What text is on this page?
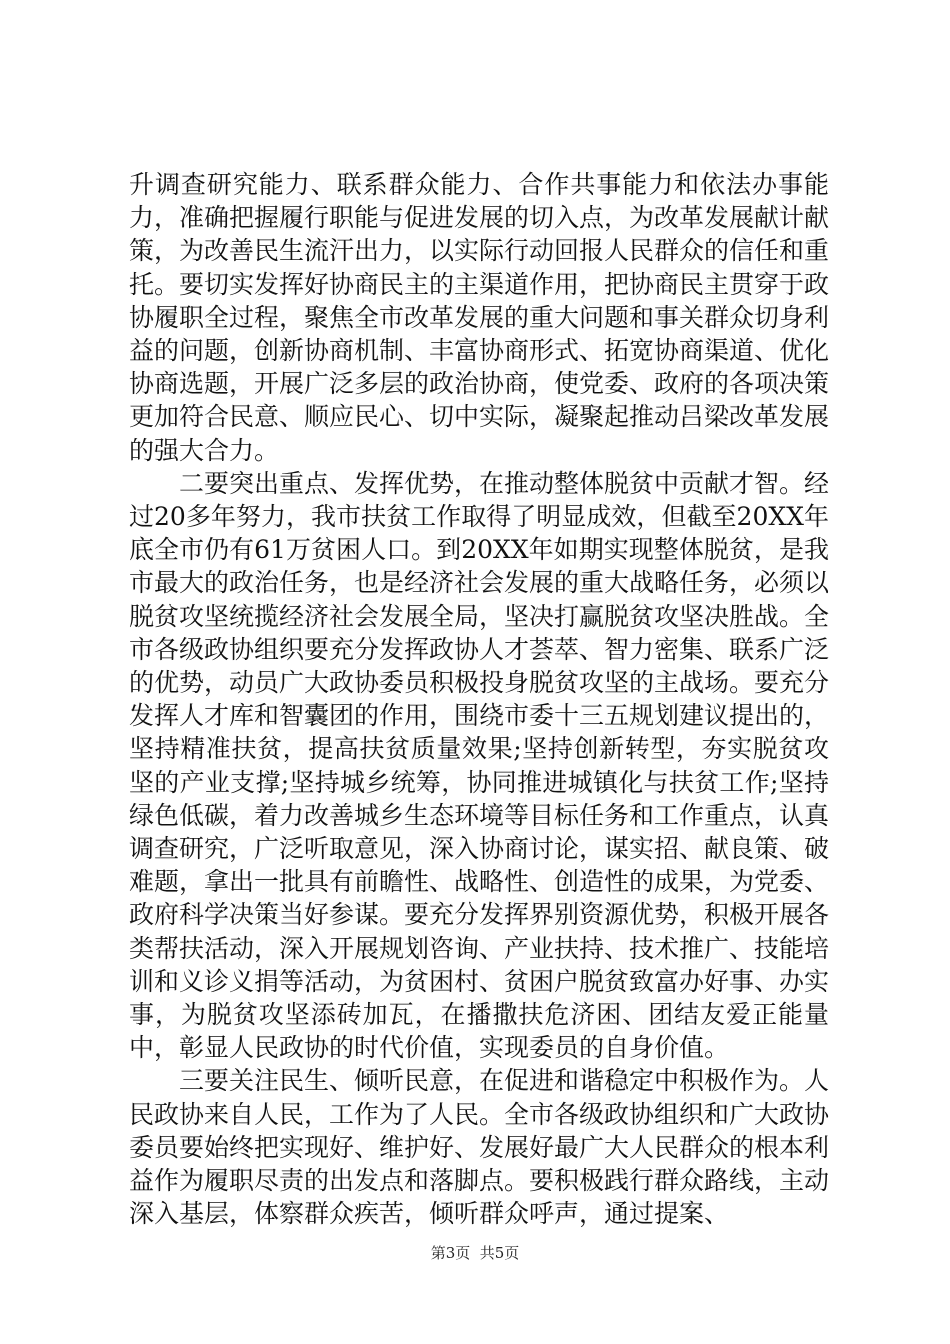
升调查研究能力、联系群众能力、合作共事能力和依法办事能力，准确把握履行职能与促进发展的切入点，为改革发展献计献策，为改善民生流汗出力，以实际行动回报人民群众的信任和重托。要切实发挥好协商民主的主渠道作用，把协商民主贯穿于政协履职全过程，聚焦全市改革发展的重大问题和事关群众切身利益的问题，创新协商机制、丰富协商形式、拓宽协商渠道、优化协商选题，开展广泛多层的政治协商，使党委、政府的各项决策更加符合民意、顺应民心、切中实际，凝聚起推动吕梁改革发展的强大合力。

二要突出重点、发挥优势，在推动整体脱贫中贡献才智。经过20多年努力，我市扶贫工作取得了明显成效，但截至20XX年底全市仍有61万贫困人口。到20XX年如期实现整体脱贫，是我市最大的政治任务，也是经济社会发展的重大战略任务，必须以脱贫攻坚统揽经济社会发展全局，坚决打赢脱贫攻坚决胜战。全市各级政协组织要充分发挥政协人才荟萃、智力密集、联系广泛的优势，动员广大政协委员积极投身脱贫攻坚的主战场。要充分发挥人才库和智囊团的作用，围绕市委十三五规划建议提出的，坚持精准扶贫，提高扶贫质量效果;坚持创新转型，夯实脱贫攻坚的产业支撑;坚持城乡统筹，协同推进城镇化与扶贫工作;坚持绿色低碳，着力改善城乡生态环境等目标任务和工作重点，认真调查研究，广泛听取意见，深入协商讨论，谋实招、献良策、破难题，拿出一批具有前瞻性、战略性、创造性的成果，为党委、政府科学决策当好参谋。要充分发挥界别资源优势，积极开展各类帮扶活动，深入开展规划咨询、产业扶持、技术推广、技能培训和义诊义捐等活动，为贫困村、贫困户脱贫致富办好事、办实事，为脱贫攻坚添砖加瓦，在播撒扶危济困、团结友爱正能量中，彰显人民政协的时代价值，实现委员的自身价值。

三要关注民生、倾听民意，在促进和谐稳定中积极作为。人民政协来自人民，工作为了人民。全市各级政协组织和广大政协委员要始终把实现好、维护好、发展好最广大人民群众的根本利益作为履职尽责的出发点和落脚点。要积极践行群众路线，主动深入基层，体察群众疾苦，倾听群众呼声，通过提案、

第3页  共5页
